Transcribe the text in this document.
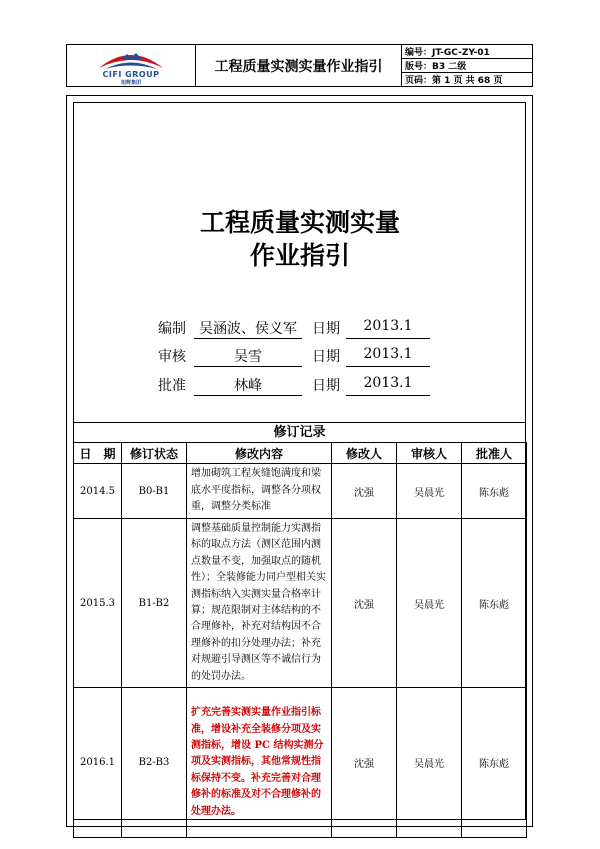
CIFI GROUP
旭辉集团
工程质量实测实量作业指引
编号：JT-GC-ZY-01
版号：B3 二级
页码：第 1 页 共 68 页
工程质量实测实量
作业指引
编制 吴涵波、侯义军	日期	2013.1
审核	吴雪	日期	2013.1
批准	林峰	日期	2013.1
修订记录
日　期	修订状态	修改内容	修改人	审核人	批准人
2014.5	B0-B1	增加砌筑工程灰缝饱满度和梁底水平度指标，调整各分项权重，调整分类标准	沈强	吴晨光	陈东彪
2015.3	B1-B2	调整基础质量控制能力实测指标的取点方法（测区范围内测点数量不变，加强取点的随机性）；全装修能力同户型相关实测指标纳入实测实量合格率计算；规范限制对主体结构的不合理修补，补充对结构因不合理修补的扣分处理办法；补充对规避引导测区等不诚信行为的处罚办法。	沈强	吴晨光	陈东彪
2016.1	B2-B3	扩充完善实测实量作业指引标准，增设补充全装修分项及实测指标，增设 PC 结构实测分项及实测指标，其他常规性指标保持不变。补充完善对合理修补的标准及对不合理修补的处理办法。	沈强	吴晨光	陈东彪
